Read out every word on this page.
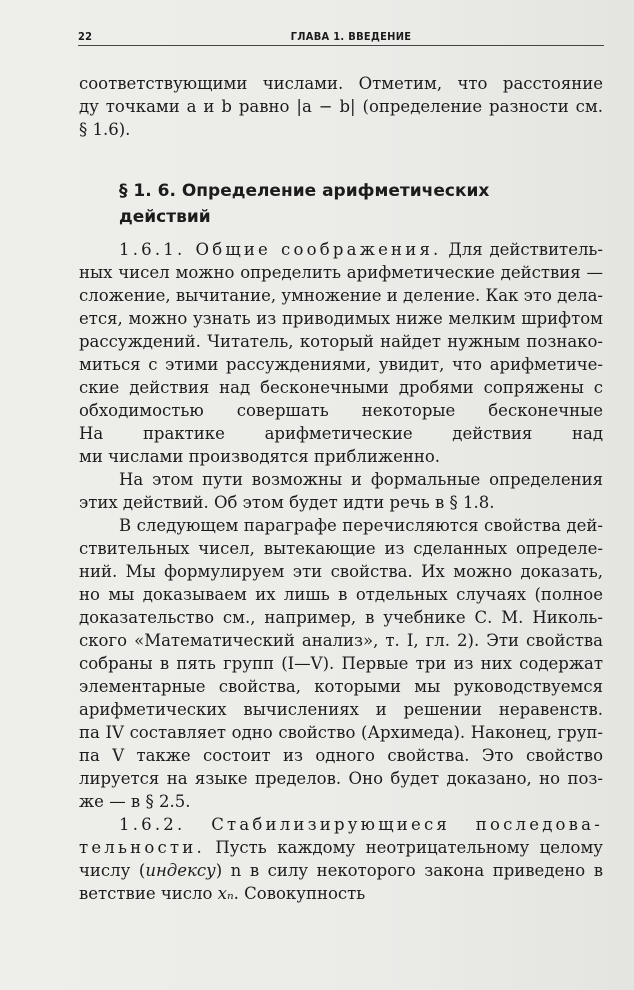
22	ГЛАВА 1. ВВЕДЕНИЕ
соответствующими числами. Отметим, что расстояние
ду точками a и b равно |a − b| (определение разности см.
§ 1.6).
§ 1. 6. Определение арифметических
действий
1.6.1. Общие соображения. Для действитель-
ных чисел можно определить арифметические действия —
сложение, вычитание, умножение и деление. Как это дела-
ется, можно узнать из приводимых ниже мелким шрифтом
рассуждений. Читатель, который найдет нужным познако-
миться с этими рассуждениями, увидит, что арифметиче-
ские действия над бесконечными дробями сопряжены с
обходимостью совершать некоторые бесконечные
На практике арифметические действия над
ми числами производятся приближенно.
На этом пути возможны и формальные определения
этих действий. Об этом будет идти речь в § 1.8.
В следующем параграфе перечисляются свойства дей-
ствительных чисел, вытекающие из сделанных определе-
ний. Мы формулируем эти свойства. Их можно доказать,
но мы доказываем их лишь в отдельных случаях (полное
доказательство см., например, в учебнике С. М. Николь-
ского «Математический анализ», т. I, гл. 2). Эти свойства
собраны в пять групп (I—V). Первые три из них содержат
элементарные свойства, которыми мы руководствуемся
арифметических вычислениях и решении неравенств.
па IV составляет одно свойство (Архимеда). Наконец, груп-
па V также состоит из одного свойства. Это свойство
лируется на языке пределов. Оно будет доказано, но поз-
же — в § 2.5.
1.6.2. Стабилизирующиеся последова-
тельности. Пусть каждому неотрицательному целому
числу (индексу) n в силу некоторого закона приведено в
ветствие число xₙ. Совокупность
